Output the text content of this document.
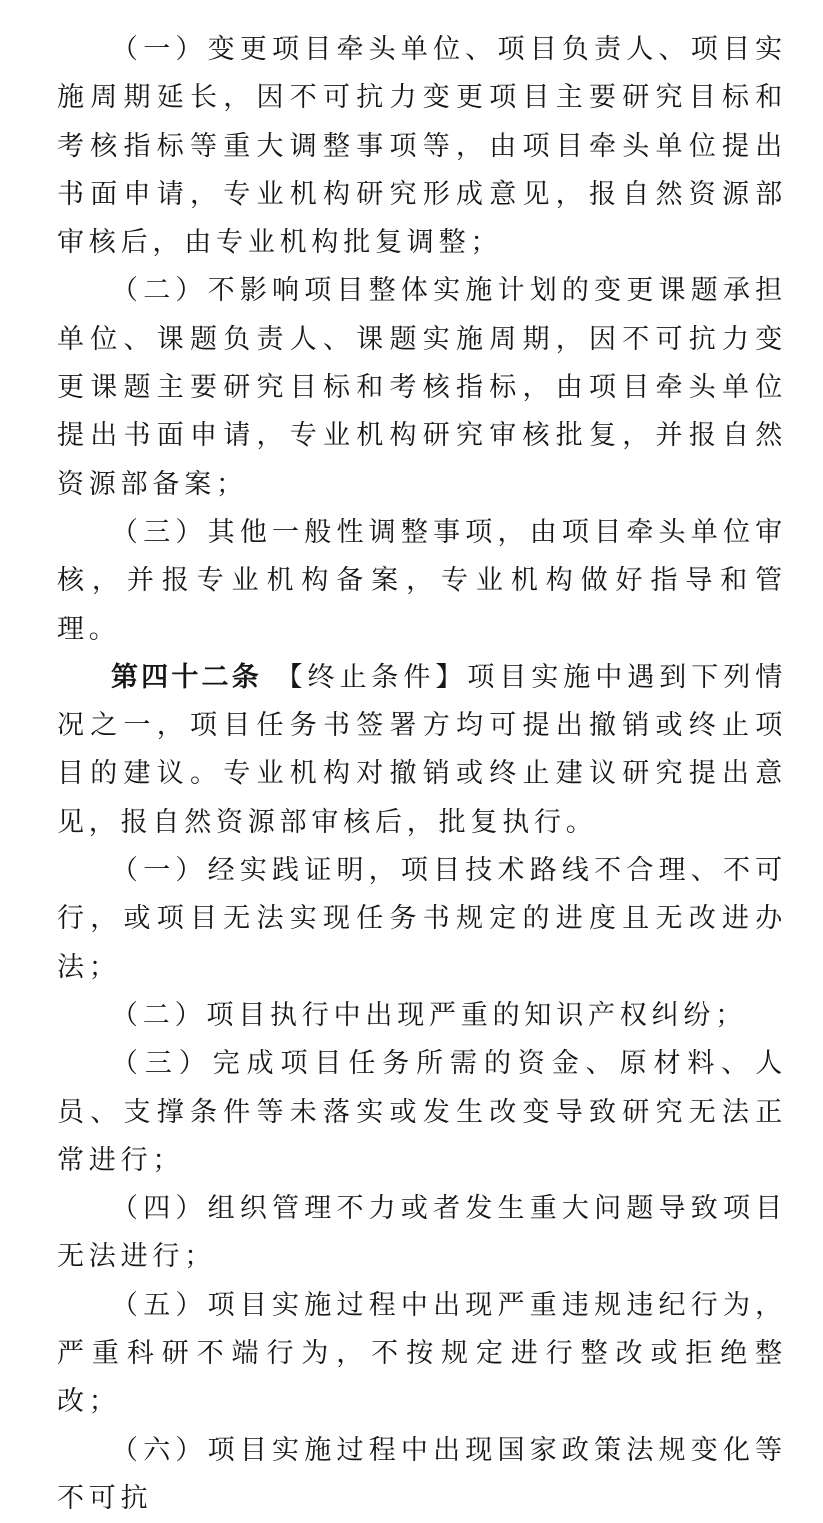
（一）变更项目牵头单位、项目负责人、项目实施周期延长，因不可抗力变更项目主要研究目标和考核指标等重大调整事项等，由项目牵头单位提出书面申请，专业机构研究形成意见，报自然资源部审核后，由专业机构批复调整；

（二）不影响项目整体实施计划的变更课题承担单位、课题负责人、课题实施周期，因不可抗力变更课题主要研究目标和考核指标，由项目牵头单位提出书面申请，专业机构研究审核批复，并报自然资源部备案；

（三）其他一般性调整事项，由项目牵头单位审核，并报专业机构备案，专业机构做好指导和管理。

第四十二条 【终止条件】项目实施中遇到下列情况之一，项目任务书签署方均可提出撤销或终止项目的建议。专业机构对撤销或终止建议研究提出意见，报自然资源部审核后，批复执行。

（一）经实践证明，项目技术路线不合理、不可行，或项目无法实现任务书规定的进度且无改进办法；

（二）项目执行中出现严重的知识产权纠纷；

（三）完成项目任务所需的资金、原材料、人员、支撑条件等未落实或发生改变导致研究无法正常进行；

（四）组织管理不力或者发生重大问题导致项目无法进行；

（五）项目实施过程中出现严重违规违纪行为，严重科研不端行为，不按规定进行整改或拒绝整改；

（六）项目实施过程中出现国家政策法规变化等不可抗
